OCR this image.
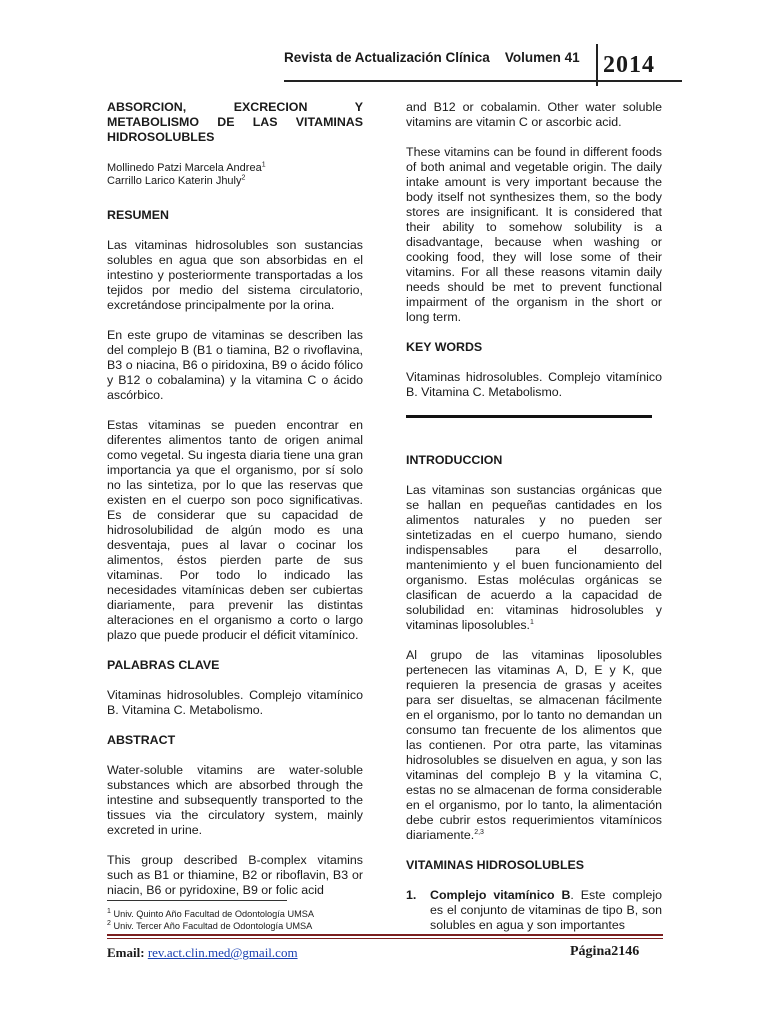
Revista de Actualización Clínica Volumen 41 2014
ABSORCION, EXCRECION Y METABOLISMO DE LAS VITAMINAS HIDROSOLUBLES
Mollinedo Patzi Marcela Andrea$^1$
Carrillo Larico Katerin Jhuly$^2$
RESUMEN

Las vitaminas hidrosolubles son sustancias solubles en agua que son absorbidas en el intestino y posteriormente transportadas a los tejidos por medio del sistema circulatorio, excretándose principalmente por la orina.

En este grupo de vitaminas se describen las del complejo B (B1 o tiamina, B2 o rivoflavina, B3 o niacina, B6 o piridoxina, B9 o ácido fólico y B12 o cobalamina) y la vitamina C o ácido ascórbico.

Estas vitaminas se pueden encontrar en diferentes alimentos tanto de origen animal como vegetal. Su ingesta diaria tiene una gran importancia ya que el organismo, por sí solo no las sintetiza, por lo que las reservas que existen en el cuerpo son poco significativas. Es de considerar que su capacidad de hidrosolubilidad de algún modo es una desventaja, pues al lavar o cocinar los alimentos, éstos pierden parte de sus vitaminas. Por todo lo indicado las necesidades vitamínicas deben ser cubiertas diariamente, para prevenir las distintas alteraciones en el organismo a corto o largo plazo que puede producir el déficit vitamínico.

PALABRAS CLAVE

Vitaminas hidrosolubles. Complejo vitamínico B. Vitamina C. Metabolismo.

ABSTRACT

Water-soluble vitamins are water-soluble substances which are absorbed through the intestine and subsequently transported to the tissues via the circulatory system, mainly excreted in urine.

This group described B-complex vitamins such as B1 or thiamine, B2 or riboflavin, B3 or niacin, B6 or pyridoxine, B9 or folic acid

and B12 or cobalamin. Other water soluble vitamins are vitamin C or ascorbic acid.

These vitamins can be found in different foods of both animal and vegetable origin. The daily intake amount is very important because the body itself not synthesizes them, so the body stores are insignificant. It is considered that their ability to somehow solubility is a disadvantage, because when washing or cooking food, they will lose some of their vitamins. For all these reasons vitamin daily needs should be met to prevent functional impairment of the organism in the short or long term.

KEY WORDS

Vitaminas hidrosolubles. Complejo vitamínico B. Vitamina C. Metabolismo.

INTRODUCCION

Las vitaminas son sustancias orgánicas que se hallan en pequeñas cantidades en los alimentos naturales y no pueden ser sintetizadas en el cuerpo humano, siendo indispensables para el desarrollo, mantenimiento y el buen funcionamiento del organismo. Estas moléculas orgánicas se clasifican de acuerdo a la capacidad de solubilidad en: vitaminas hidrosolubles y vitaminas liposolubles.$^1$

Al grupo de las vitaminas liposolubles pertenecen las vitaminas A, D, E y K, que requieren la presencia de grasas y aceites para ser disueltas, se almacenan fácilmente en el organismo, por lo tanto no demandan un consumo tan frecuente de los alimentos que las contienen. Por otra parte, las vitaminas hidrosolubles se disuelven en agua, y son las vitaminas del complejo B y la vitamina C, estas no se almacenan de forma considerable en el organismo, por lo tanto, la alimentación debe cubrir estos requerimientos vitamínicos diariamente.$^{2,3}$

VITAMINAS HIDROSOLUBLES
1.	Complejo vitamínico B. Este complejo es el conjunto de vitaminas de tipo B, son solubles en agua y son importantes
$^1$ Univ. Quinto Año Facultad de Odontología UMSA
$^2$ Univ. Tercer Año Facultad de Odontología UMSA
Email: rev.act.clin.med@gmail.com	Página2146
